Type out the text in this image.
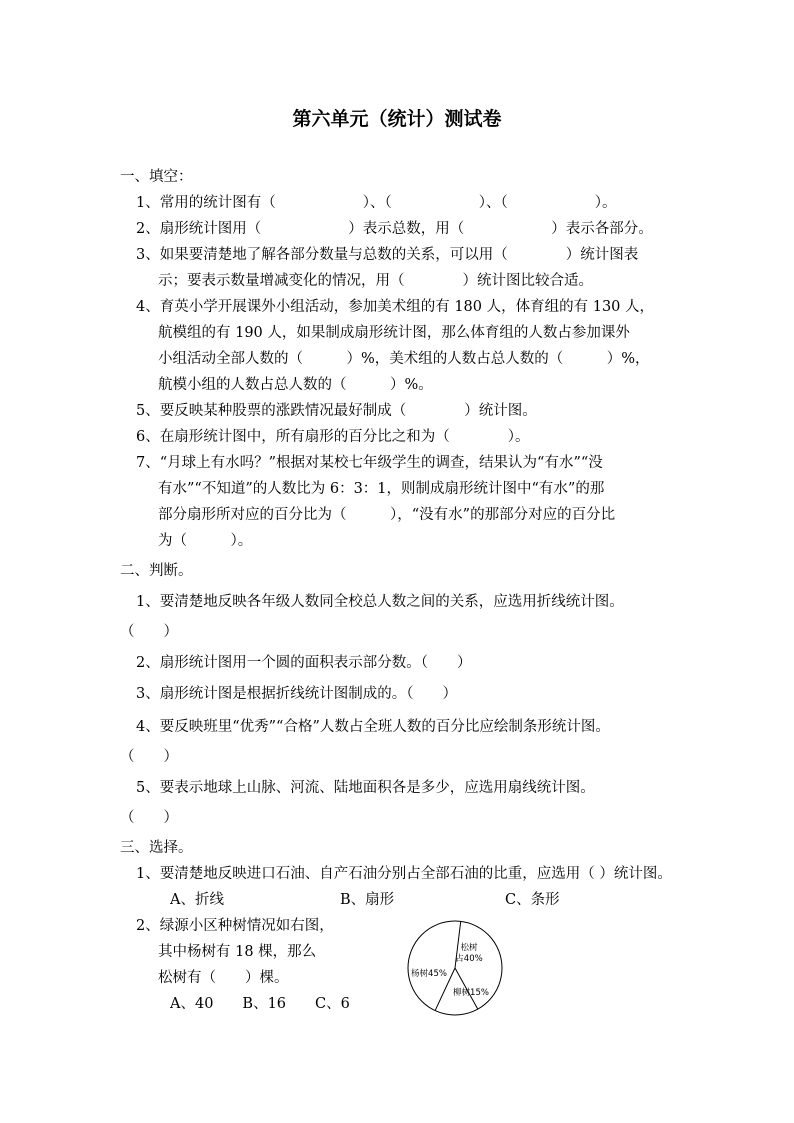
第六单元（统计）测试卷
一、填空：
1、常用的统计图有（　　　　　　）、（　　　　　　）、（　　　　　　）。
2、扇形统计图用（　　　　　　）表示总数，用（　　　　　　）表示各部分。
3、如果要清楚地了解各部分数量与总数的关系，可以用（　　　　）统计图表
示；要表示数量增减变化的情况，用（　　　　）统计图比较合适。
4、育英小学开展课外小组活动，参加美术组的有 180 人，体育组的有 130 人，
航模组的有 190 人，如果制成扇形统计图，那么体育组的人数占参加课外
小组活动全部人数的（　　　）%，美术组的人数占总人数的（　　　）%，
航模小组的人数占总人数的（　　　）%。
5、要反映某种股票的涨跌情况最好制成（　　　　）统计图。
6、在扇形统计图中，所有扇形的百分比之和为（　　　　）。
7、“月球上有水吗？”根据对某校七年级学生的调查，结果认为“有水”“没
有水”“不知道”的人数比为 6：3：1，则制成扇形统计图中“有水”的那
部分扇形所对应的百分比为（　　　），“没有水”的那部分对应的百分比
为（　　　）。
二、判断。
1、要清楚地反映各年级人数同全校总人数之间的关系，应选用折线统计图。
（　　）
2、扇形统计图用一个圆的面积表示部分数。（　　）
3、扇形统计图是根据折线统计图制成的。（　　）
4、要反映班里“优秀”“合格”人数占全班人数的百分比应绘制条形统计图。
（　　）
5、要表示地球上山脉、河流、陆地面积各是多少，应选用扇线统计图。
（　　）
三、选择。
1、要清楚地反映进口石油、自产石油分别占全部石油的比重，应选用（ ）统计图。
A、折线	B、扇形	C、条形
2、绿源小区种树情况如右图，
其中杨树有 18 棵，那么
松树有（　　）棵。
A、40　　B、16　　C、6
松树
占40%
柳树15%
杨树45%
